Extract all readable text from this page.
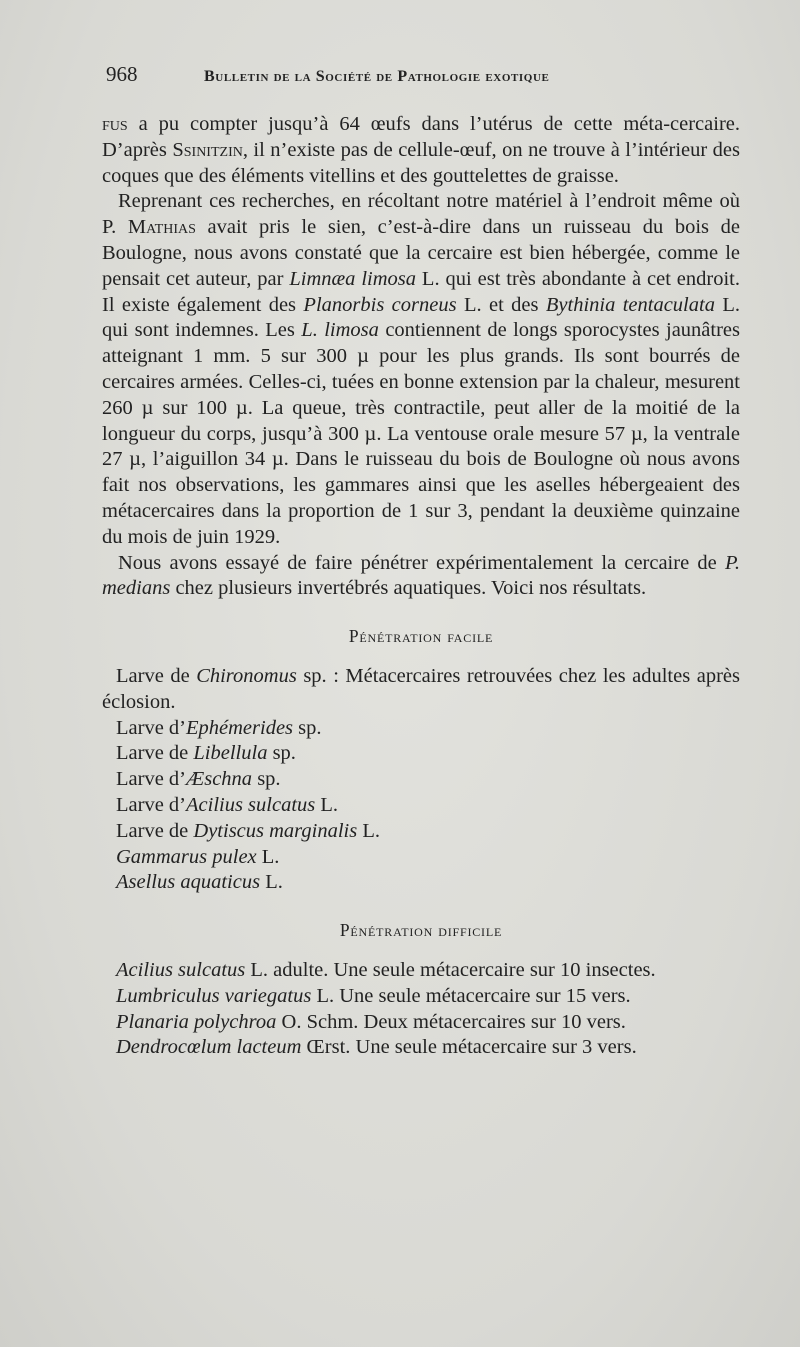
968	Bulletin de la Société de Pathologie exotique

fus a pu compter jusqu’à 64 œufs dans l’utérus de cette méta-cercaire. D’après Ssinitzin, il n’existe pas de cellule-œuf, on ne trouve à l’intérieur des coques que des éléments vitellins et des gouttelettes de graisse.

Reprenant ces recherches, en récoltant notre matériel à l’endroit même où P. Mathias avait pris le sien, c’est-à-dire dans un ruisseau du bois de Boulogne, nous avons constaté que la cercaire est bien hébergée, comme le pensait cet auteur, par Limnæa limosa L. qui est très abondante à cet endroit. Il existe également des Planorbis corneus L. et des Bythinia tentaculata L. qui sont indemnes. Les L. limosa contiennent de longs sporocystes jaunâtres atteignant 1 mm. 5 sur 300 µ pour les plus grands. Ils sont bourrés de cercaires armées. Celles-ci, tuées en bonne extension par la chaleur, mesurent 260 µ sur 100 µ. La queue, très contractile, peut aller de la moitié de la longueur du corps, jusqu’à 300 µ. La ventouse orale mesure 57 µ, la ventrale 27 µ, l’aiguillon 34 µ. Dans le ruisseau du bois de Boulogne où nous avons fait nos observations, les gammares ainsi que les aselles hébergeaient des métacercaires dans la proportion de 1 sur 3, pendant la deuxième quinzaine du mois de juin 1929.

Nous avons essayé de faire pénétrer expérimentalement la cercaire de P. medians chez plusieurs invertébrés aquatiques. Voici nos résultats.

Pénétration facile

Larve de Chironomus sp. : Métacercaires retrouvées chez les adultes après éclosion.

Larve d’Ephémerides sp.

Larve de Libellula sp.

Larve d’Æschna sp.

Larve d’Acilius sulcatus L.

Larve de Dytiscus marginalis L.

Gammarus pulex L.

Asellus aquaticus L.

Pénétration difficile

Acilius sulcatus L. adulte. Une seule métacercaire sur 10 insectes.

Lumbriculus variegatus L. Une seule métacercaire sur 15 vers.

Planaria polychroa O. Schm. Deux métacercaires sur 10 vers.

Dendrocœlum lacteum Œrst. Une seule métacercaire sur 3 vers.
